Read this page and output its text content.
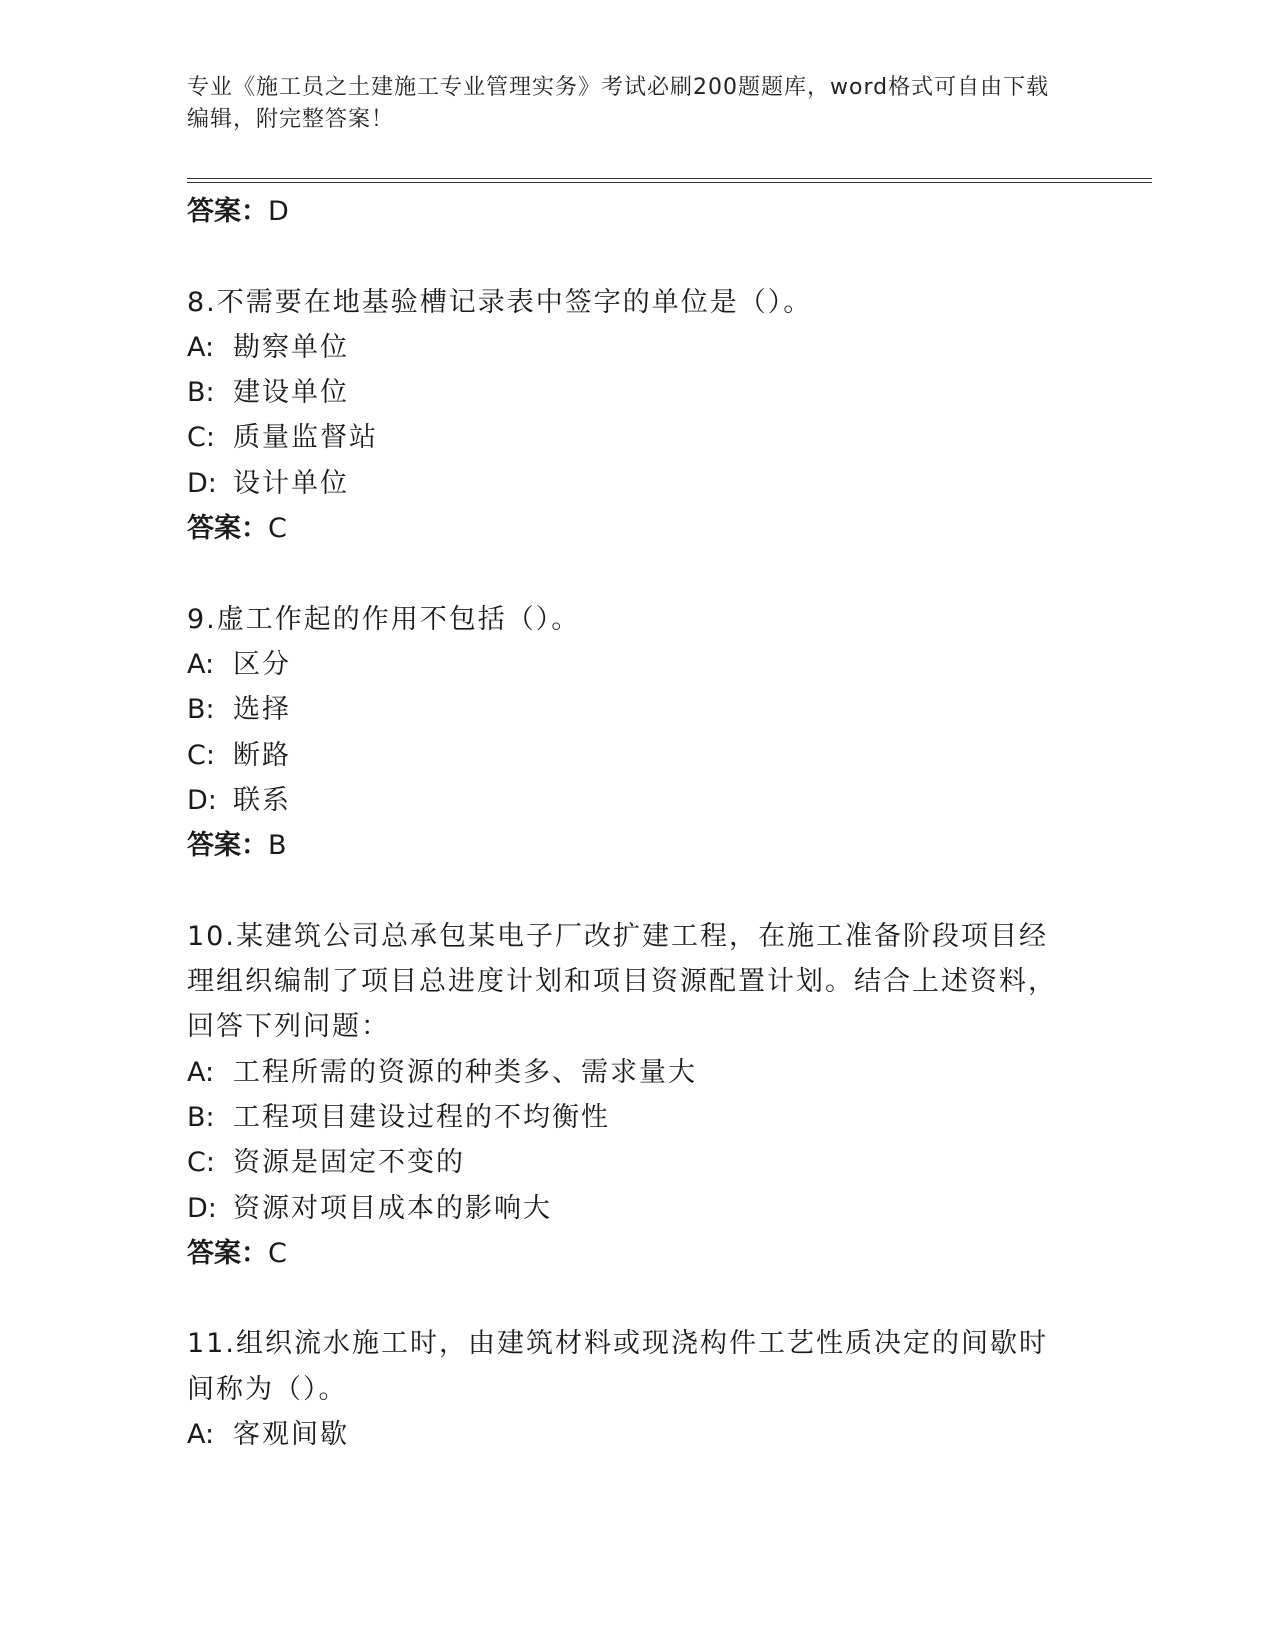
专业《施工员之土建施工专业管理实务》考试必刷200题题库，word格式可自由下载编辑，附完整答案！
答案：D
8.不需要在地基验槽记录表中签字的单位是（）。
A: 勘察单位
B: 建设单位
C: 质量监督站
D: 设计单位
答案：C
9.虚工作起的作用不包括（）。
A: 区分
B: 选择
C: 断路
D: 联系
答案：B
10.某建筑公司总承包某电子厂改扩建工程，在施工准备阶段项目经理组织编制了项目总进度计划和项目资源配置计划。结合上述资料，回答下列问题：
A: 工程所需的资源的种类多、需求量大
B: 工程项目建设过程的不均衡性
C: 资源是固定不变的
D: 资源对项目成本的影响大
答案：C
11.组织流水施工时，由建筑材料或现浇构件工艺性质决定的间歇时间称为（）。
A: 客观间歇
